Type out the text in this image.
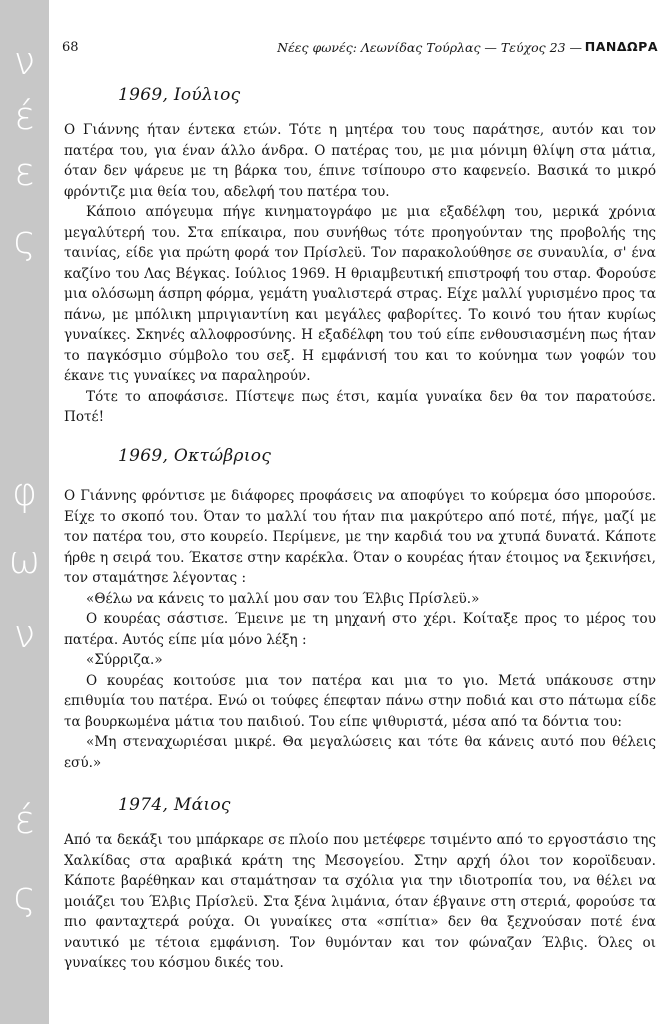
ν
έ
ε
ς
φ
ω
ν
έ
ς
68	Νέες φωνές: Λεωνίδας Τούρλας — Τεύχος 23 — ΠΑΝΔΩΡΑ
1969, Ιούλιος

Ο Γιάννης ήταν έντεκα ετών. Τότε η μητέρα του τους παράτησε, αυτόν και τον πατέρα του, για έναν άλλο άνδρα. Ο πατέρας του, με μια μόνιμη θλίψη στα μάτια, όταν δεν ψάρευε με τη βάρκα του, έπινε τσίπουρο στο καφενείο. Βασικά το μικρό φρόντιζε μια θεία του, αδελφή του πατέρα του.

Κάποιο απόγευμα πήγε κινηματογράφο με μια εξαδέλφη του, μερικά χρόνια μεγαλύτερή του. Στα επίκαιρα, που συνήθως τότε προηγούνταν της προβολής της ταινίας, είδε για πρώτη φορά τον Πρίσλεϋ. Τον παρακολούθησε σε συναυλία, σ' ένα καζίνο του Λας Βέγκας. Ιούλιος 1969. Η θριαμβευτική επιστροφή του σταρ. Φορούσε μια ολόσωμη άσπρη φόρμα, γεμάτη γυαλιστερά στρας. Είχε μαλλί γυρισμένο προς τα πάνω, με μπόλικη μπριγιαντίνη και μεγάλες φαβορίτες. Το κοινό του ήταν κυρίως γυναίκες. Σκηνές αλλοφροσύνης. Η εξαδέλφη του τού είπε ενθουσιασμένη πως ήταν το παγκόσμιο σύμβολο του σεξ. Η εμφάνισή του και το κούνημα των γοφών του έκανε τις γυναίκες να παραληρούν.

Τότε το αποφάσισε. Πίστεψε πως έτσι, καμία γυναίκα δεν θα τον παρατούσε. Ποτέ!

1969, Οκτώβριος

Ο Γιάννης φρόντισε με διάφορες προφάσεις να αποφύγει το κούρεμα όσο μπορούσε. Είχε το σκοπό του. Όταν το μαλλί του ήταν πια μακρύτερο από ποτέ, πήγε, μαζί με τον πατέρα του, στο κουρείο. Περίμενε, με την καρδιά του να χτυπά δυνατά. Κάποτε ήρθε η σειρά του. Έκατσε στην καρέκλα. Όταν ο κουρέας ήταν έτοιμος να ξεκινήσει, τον σταμάτησε λέγοντας :

«Θέλω να κάνεις το μαλλί μου σαν του Έλβις Πρίσλεϋ.»

Ο κουρέας σάστισε. Έμεινε με τη μηχανή στο χέρι. Κοίταξε προς το μέρος του πατέρα. Αυτός είπε μία μόνο λέξη :

«Σύρριζα.»

Ο κουρέας κοιτούσε μια τον πατέρα και μια το γιο. Μετά υπάκουσε στην επιθυμία του πατέρα. Ενώ οι τούφες έπεφταν πάνω στην ποδιά και στο πάτωμα είδε τα βουρκωμένα μάτια του παιδιού. Του είπε ψιθυριστά, μέσα από τα δόντια του:

«Μη στεναχωριέσαι μικρέ. Θα μεγαλώσεις και τότε θα κάνεις αυτό που θέλεις εσύ.»

1974, Μάιος

Από τα δεκάξι του μπάρκαρε σε πλοίο που μετέφερε τσιμέντο από το εργοστάσιο της Χαλκίδας στα αραβικά κράτη της Μεσογείου. Στην αρχή όλοι τον κοροϊδευαν. Κάποτε βαρέθηκαν και σταμάτησαν τα σχόλια για την ιδιοτροπία του, να θέλει να μοιάζει του Έλβις Πρίσλεϋ. Στα ξένα λιμάνια, όταν έβγαινε στη στεριά, φορούσε τα πιο φανταχτερά ρούχα. Οι γυναίκες στα «σπίτια» δεν θα ξεχνούσαν ποτέ ένα ναυτικό με τέτοια εμφάνιση. Τον θυμόνταν και τον φώναζαν Έλβις. Όλες οι γυναίκες του κόσμου δικές του.
